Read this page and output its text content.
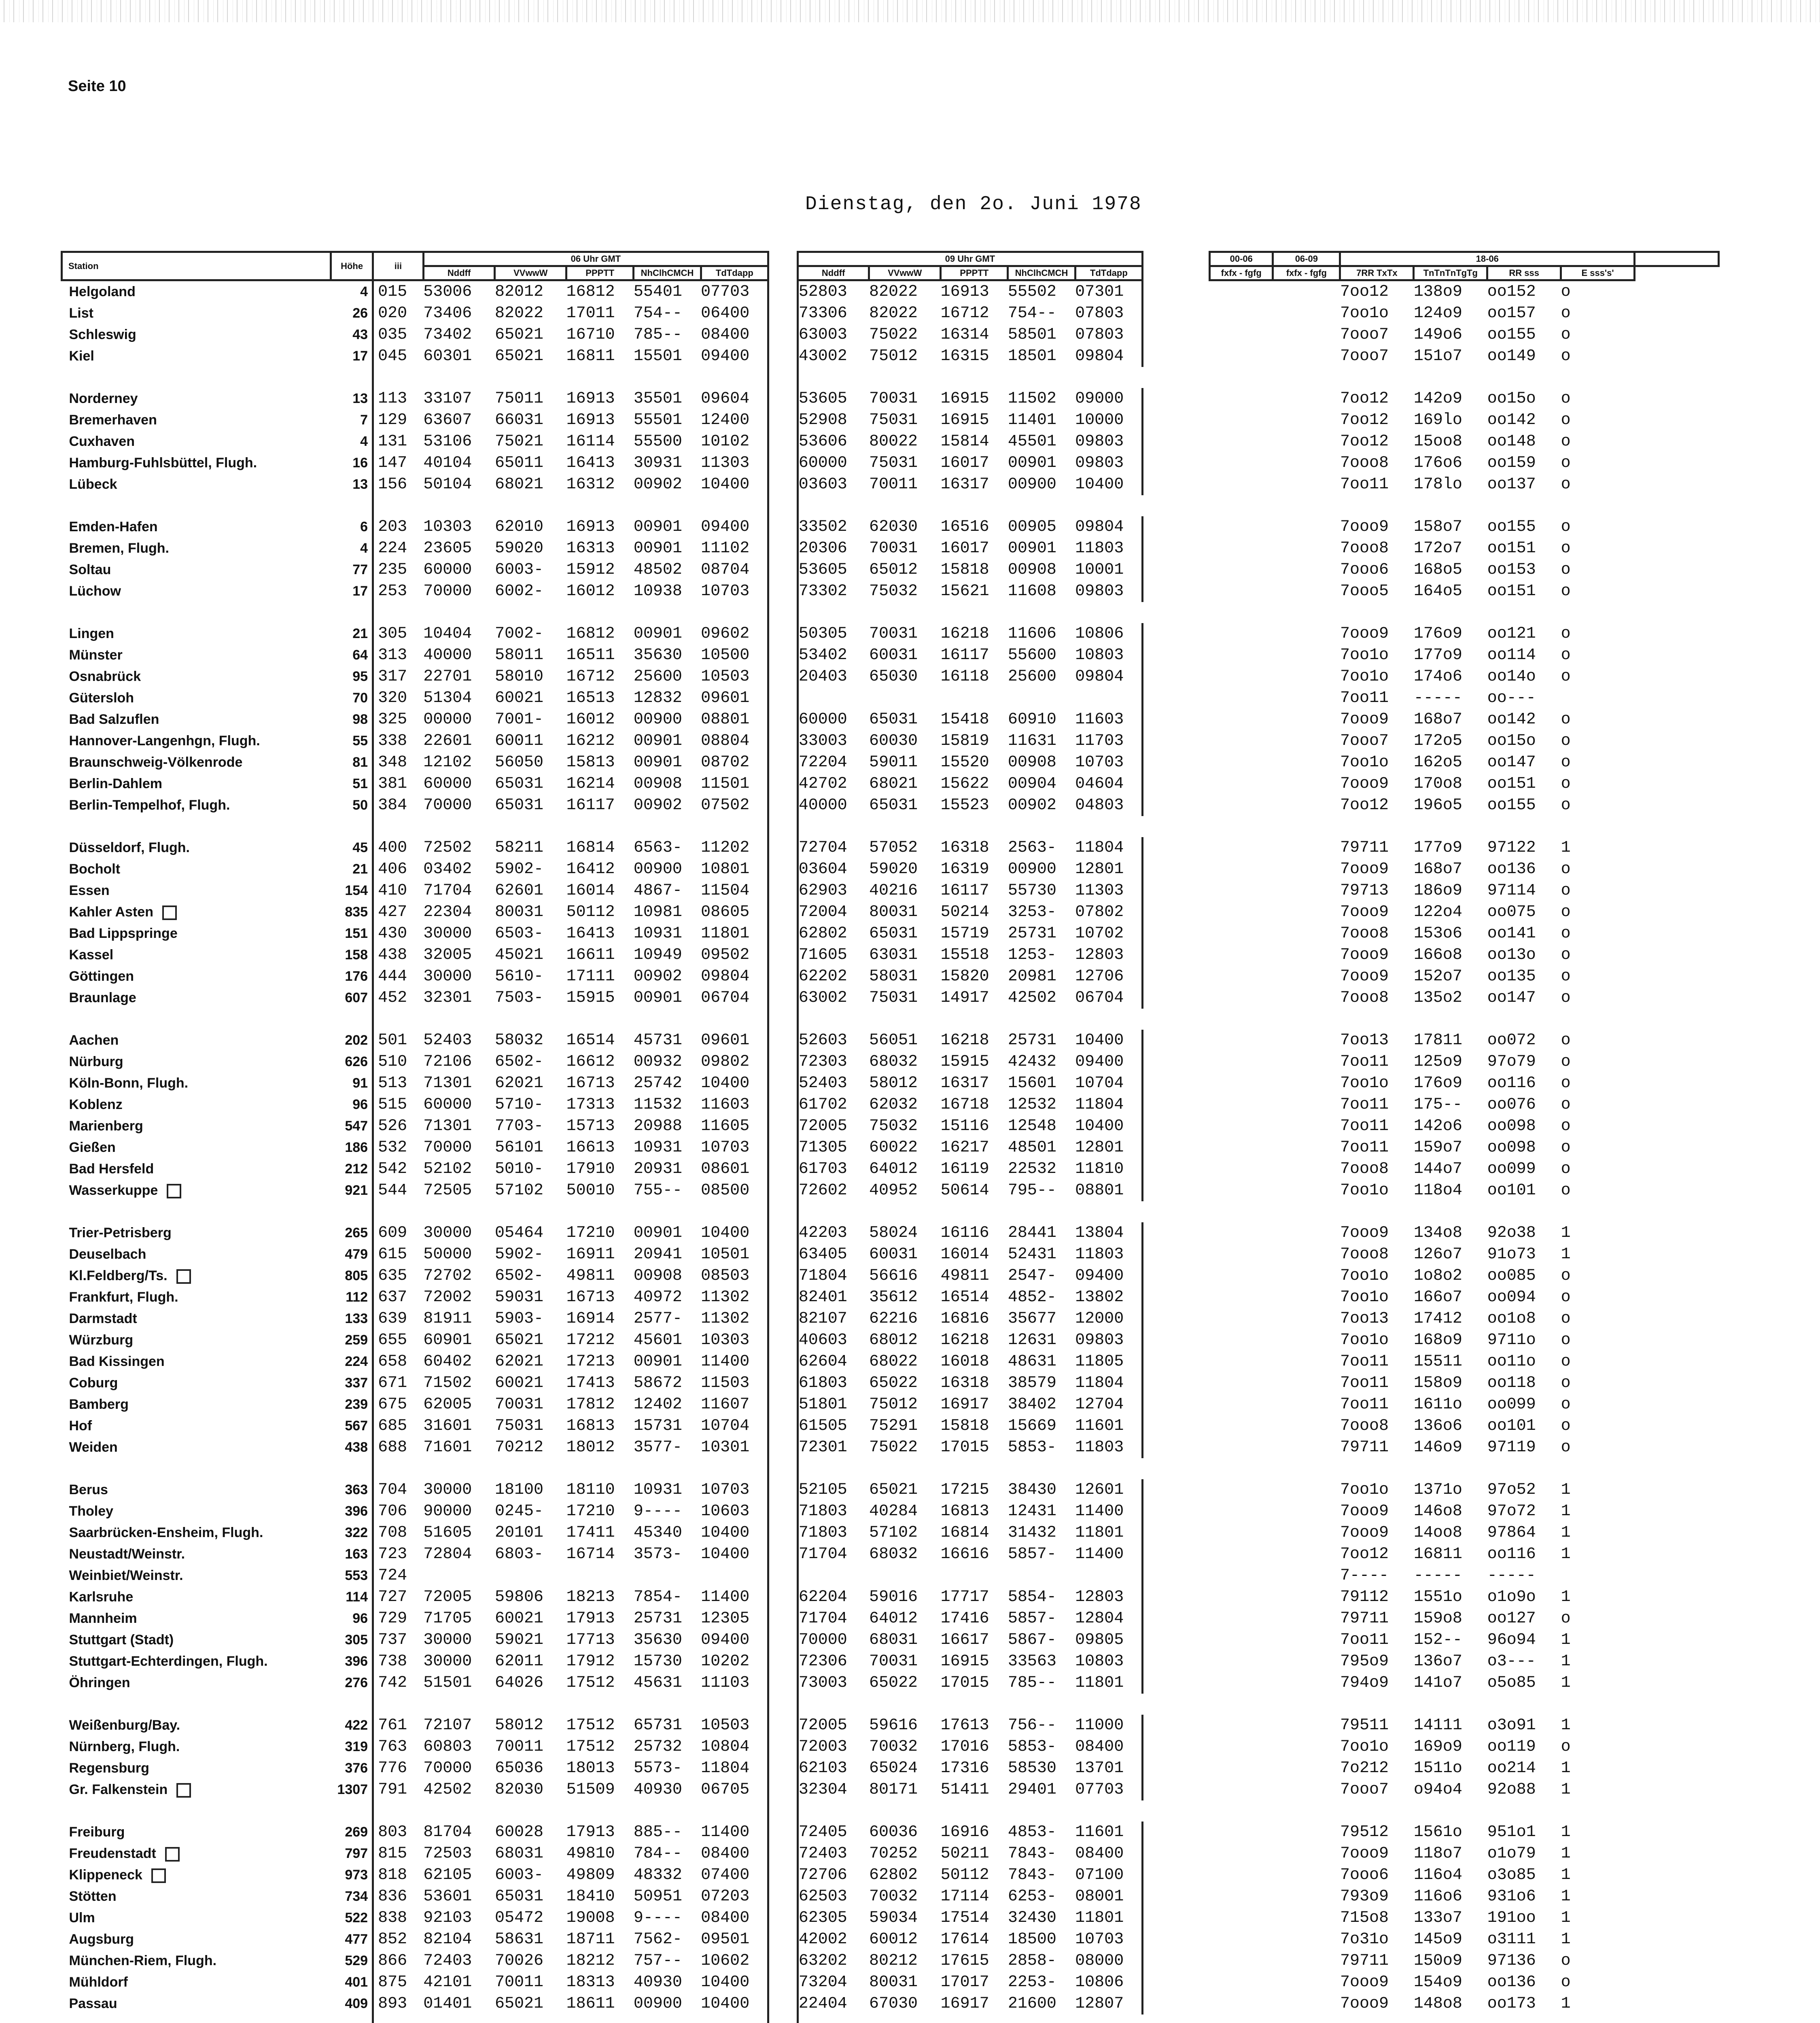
Seite 10
Dienstag, den 2o. Juni 1978
Station	Höhe	iii	06 Uhr GMT						09 Uhr GMT						00-06	06-09	18-06				
			Nddff	VVwwW	PPPTT	NhClhCMCH	TdTdapp		Nddff	VVwwW	PPPTT	NhClhCMCH	TdTdapp		fxfx - fgfg	fxfx - fgfg	7RR TxTx	TnTnTnTgTg	RR sss	E sss's'	
Helgoland	4	015	53006	82012	16812	55401	07703		52803	82022	16913	55502	07301				7oo12	138o9	oo152	o	
List	26	020	73406	82022	17011	754--	06400		73306	82022	16712	754--	07803				7oo1o	124o9	oo157	o	
Schleswig	43	035	73402	65021	16710	785--	08400		63003	75022	16314	58501	07803				7ooo7	149o6	oo155	o	
Kiel	17	045	60301	65021	16811	15501	09400		43002	75012	16315	18501	09804				7ooo7	151o7	oo149	o	

Norderney	13	113	33107	75011	16913	35501	09604		53605	70031	16915	11502	09000				7oo12	142o9	oo15o	o	
Bremerhaven	7	129	63607	66031	16913	55501	12400		52908	75031	16915	11401	10000				7oo12	169lo	oo142	o	
Cuxhaven	4	131	53106	75021	16114	55500	10102		53606	80022	15814	45501	09803				7oo12	15oo8	oo148	o	
Hamburg-Fuhlsbüttel, Flugh.	16	147	40104	65011	16413	30931	11303		60000	75031	16017	00901	09803				7ooo8	176o6	oo159	o	
Lübeck	13	156	50104	68021	16312	00902	10400		03603	70011	16317	00900	10400				7oo11	178lo	oo137	o	

Emden-Hafen	6	203	10303	62010	16913	00901	09400		33502	62030	16516	00905	09804				7ooo9	158o7	oo155	o	
Bremen, Flugh.	4	224	23605	59020	16313	00901	11102		20306	70031	16017	00901	11803				7ooo8	172o7	oo151	o	
Soltau	77	235	60000	6003-	15912	48502	08704		53605	65012	15818	00908	10001				7ooo6	168o5	oo153	o	
Lüchow	17	253	70000	6002-	16012	10938	10703		73302	75032	15621	11608	09803				7ooo5	164o5	oo151	o	

Lingen	21	305	10404	7002-	16812	00901	09602		50305	70031	16218	11606	10806				7ooo9	176o9	oo121	o	
Münster	64	313	40000	58011	16511	35630	10500		53402	60031	16117	55600	10803				7oo1o	177o9	oo114	o	
Osnabrück	95	317	22701	58010	16712	25600	10503		20403	65030	16118	25600	09804				7oo1o	174o6	oo14o	o	
Gütersloh	70	320	51304	60021	16513	12832	09601										7oo11	-----	oo---		
Bad Salzuflen	98	325	00000	7001-	16012	00900	08801		60000	65031	15418	60910	11603				7ooo9	168o7	oo142	o	
Hannover-Langenhgn, Flugh.	55	338	22601	60011	16212	00901	08804		33003	60030	15819	11631	11703				7ooo7	172o5	oo15o	o	
Braunschweig-Völkenrode	81	348	12102	56050	15813	00901	08702		72204	59011	15520	00908	10703				7oo1o	162o5	oo147	o	
Berlin-Dahlem	51	381	60000	65031	16214	00908	11501		42702	68021	15622	00904	04604				7ooo9	170o8	oo151	o	
Berlin-Tempelhof, Flugh.	50	384	70000	65031	16117	00902	07502		40000	65031	15523	00902	04803				7oo12	196o5	oo155	o	

Düsseldorf, Flugh.	45	400	72502	58211	16814	6563-	11202		72704	57052	16318	2563-	11804				79711	177o9	97122	1	
Bocholt	21	406	03402	5902-	16412	00900	10801		03604	59020	16319	00900	12801				7ooo9	168o7	oo136	o	
Essen	154	410	71704	62601	16014	4867-	11504		62903	40216	16117	55730	11303				79713	186o9	97114	o	
Kahler Asten	835	427	22304	80031	50112	10981	08605		72004	80031	50214	3253-	07802				7ooo9	122o4	oo075	o	
Bad Lippspringe	151	430	30000	6503-	16413	10931	11801		62802	65031	15719	25731	10702				7ooo8	153o6	oo141	o	
Kassel	158	438	32005	45021	16611	10949	09502		71605	63031	15518	1253-	12803				7ooo9	166o8	oo13o	o	
Göttingen	176	444	30000	5610-	17111	00902	09804		62202	58031	15820	20981	12706				7ooo9	152o7	oo135	o	
Braunlage	607	452	32301	7503-	15915	00901	06704		63002	75031	14917	42502	06704				7ooo8	135o2	oo147	o	

Aachen	202	501	52403	58032	16514	45731	09601		52603	56051	16218	25731	10400				7oo13	17811	oo072	o	
Nürburg	626	510	72106	6502-	16612	00932	09802		72303	68032	15915	42432	09400				7oo11	125o9	97o79	o	
Köln-Bonn, Flugh.	91	513	71301	62021	16713	25742	10400		52403	58012	16317	15601	10704				7oo1o	176o9	oo116	o	
Koblenz	96	515	60000	5710-	17313	11532	11603		61702	62032	16718	12532	11804				7oo11	175--	oo076	o	
Marienberg	547	526	71301	7703-	15713	20988	11605		72005	75032	15116	12548	10400				7oo11	142o6	oo098	o	
Gießen	186	532	70000	56101	16613	10931	10703		71305	60022	16217	48501	12801				7oo11	159o7	oo098	o	
Bad Hersfeld	212	542	52102	5010-	17910	20931	08601		61703	64012	16119	22532	11810				7ooo8	144o7	oo099	o	
Wasserkuppe	921	544	72505	57102	50010	755--	08500		72602	40952	50614	795--	08801				7oo1o	118o4	oo101	o	

Trier-Petrisberg	265	609	30000	05464	17210	00901	10400		42203	58024	16116	28441	13804				7ooo9	134o8	92o38	1	
Deuselbach	479	615	50000	5902-	16911	20941	10501		63405	60031	16014	52431	11803				7ooo8	126o7	91o73	1	
Kl.Feldberg/Ts.	805	635	72702	6502-	49811	00908	08503		71804	56616	49811	2547-	09400				7oo1o	1o8o2	oo085	o	
Frankfurt, Flugh.	112	637	72002	59031	16713	40972	11302		82401	35612	16514	4852-	13802				7oo1o	166o7	oo094	o	
Darmstadt	133	639	81911	5903-	16914	2577-	11302		82107	62216	16816	35677	12000				7oo13	17412	oo1o8	o	
Würzburg	259	655	60901	65021	17212	45601	10303		40603	68012	16218	12631	09803				7oo1o	168o9	9711o	o	
Bad Kissingen	224	658	60402	62021	17213	00901	11400		62604	68022	16018	48631	11805				7oo11	15511	oo11o	o	
Coburg	337	671	71502	60021	17413	58672	11503		61803	65022	16318	38579	11804				7oo11	158o9	oo118	o	
Bamberg	239	675	62005	70031	17812	12402	11607		51801	75012	16917	38402	12704				7oo11	1611o	oo099	o	
Hof	567	685	31601	75031	16813	15731	10704		61505	75291	15818	15669	11601				7ooo8	136o6	oo101	o	
Weiden	438	688	71601	70212	18012	3577-	10301		72301	75022	17015	5853-	11803				79711	146o9	97119	o	

Berus	363	704	30000	18100	18110	10931	10703		52105	65021	17215	38430	12601				7oo1o	1371o	97o52	1	
Tholey	396	706	90000	0245-	17210	9----	10603		71803	40284	16813	12431	11400				7ooo9	146o8	97o72	1	
Saarbrücken-Ensheim, Flugh.	322	708	51605	20101	17411	45340	10400		71803	57102	16814	31432	11801				7ooo9	14oo8	97864	1	
Neustadt/Weinstr.	163	723	72804	6803-	16714	3573-	10400		71704	68032	16616	5857-	11400				7oo12	16811	oo116	1	
Weinbiet/Weinstr.	553	724															7----	-----	-----		
Karlsruhe	114	727	72005	59806	18213	7854-	11400		62204	59016	17717	5854-	12803				79112	1551o	o1o9o	1	
Mannheim	96	729	71705	60021	17913	25731	12305		71704	64012	17416	5857-	12804				79711	159o8	oo127	o	
Stuttgart (Stadt)	305	737	30000	59021	17713	35630	09400		70000	68031	16617	5867-	09805				7oo11	152--	96o94	1	
Stuttgart-Echterdingen, Flugh.	396	738	30000	62011	17912	15730	10202		72306	70031	16915	33563	10803				795o9	136o7	o3---	1	
Öhringen	276	742	51501	64026	17512	45631	11103		73003	65022	17015	785--	11801				794o9	141o7	o5o85	1	

Weißenburg/Bay.	422	761	72107	58012	17512	65731	10503		72005	59616	17613	756--	11000				79511	14111	o3o91	1	
Nürnberg, Flugh.	319	763	60803	70011	17512	25732	10804		72003	70032	17016	5853-	08400				7oo1o	169o9	oo119	o	
Regensburg	376	776	70000	65036	18013	5573-	11804		62103	65024	17316	58530	13701				7o212	1511o	oo214	1	
Gr. Falkenstein	1307	791	42502	82030	51509	40930	06705		32304	80171	51411	29401	07703				7ooo7	o94o4	92o88	1	

Freiburg	269	803	81704	60028	17913	885--	11400		72405	60036	16916	4853-	11601				79512	1561o	951o1	1	
Freudenstadt	797	815	72503	68031	49810	784--	08400		72403	70252	50211	7843-	08400				7ooo9	118o7	o1o79	1	
Klippeneck	973	818	62105	6003-	49809	48332	07400		72706	62802	50112	7843-	07100				7ooo6	116o4	o3o85	1	
Stötten	734	836	53601	65031	18410	50951	07203		62503	70032	17114	6253-	08001				793o9	116o6	931o6	1	
Ulm	522	838	92103	05472	19008	9----	08400		62305	59034	17514	32430	11801				715o8	133o7	191oo	1	
Augsburg	477	852	82104	58631	18711	7562-	09501		42002	60012	17614	18500	10703				7o31o	145o9	o3111	1	
München-Riem, Flugh.	529	866	72403	70026	18212	757--	10602		63202	80212	17615	2858-	08000				79711	150o9	97136	o	
Mühldorf	401	875	42101	70011	18313	40930	10400		73204	80031	17017	2253-	10806				7ooo9	154o9	oo136	o	
Passau	409	893	01401	65021	18611	00900	10400		22404	67030	16917	21600	12807				7ooo9	148o8	oo173	1	
